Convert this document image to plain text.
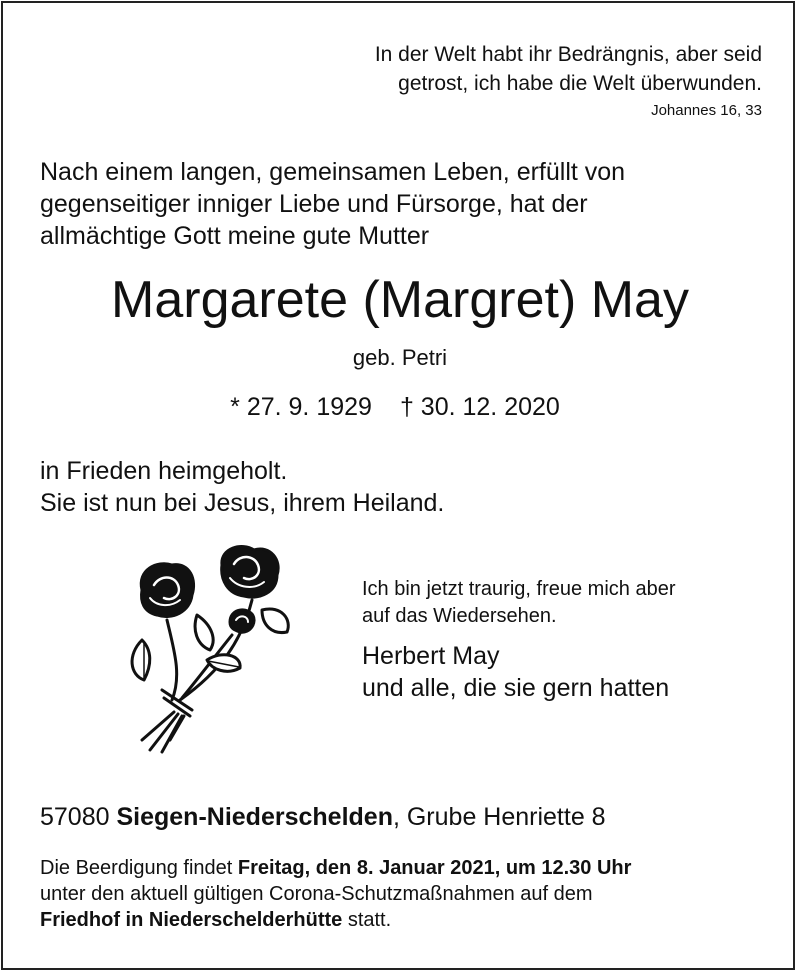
In der Welt habt ihr Bedrängnis, aber seid
getrost, ich habe die Welt überwunden.
Johannes 16, 33
Nach einem langen, gemeinsamen Leben, erfüllt von
gegenseitiger inniger Liebe und Fürsorge, hat der
allmächtige Gott meine gute Mutter
Margarete (Margret) May
geb. Petri
* 27. 9. 1929 † 30. 12. 2020
in Frieden heimgeholt.
Sie ist nun bei Jesus, ihrem Heiland.
Ich bin jetzt traurig, freue mich aber
auf das Wiedersehen.
Herbert May
und alle, die sie gern hatten
57080 Siegen-Niederschelden, Grube Henriette 8
Die Beerdigung findet Freitag, den 8. Januar 2021, um 12.30 Uhr
unter den aktuell gültigen Corona-Schutzmaßnahmen auf dem
Friedhof in Niederschelderhütte statt.
